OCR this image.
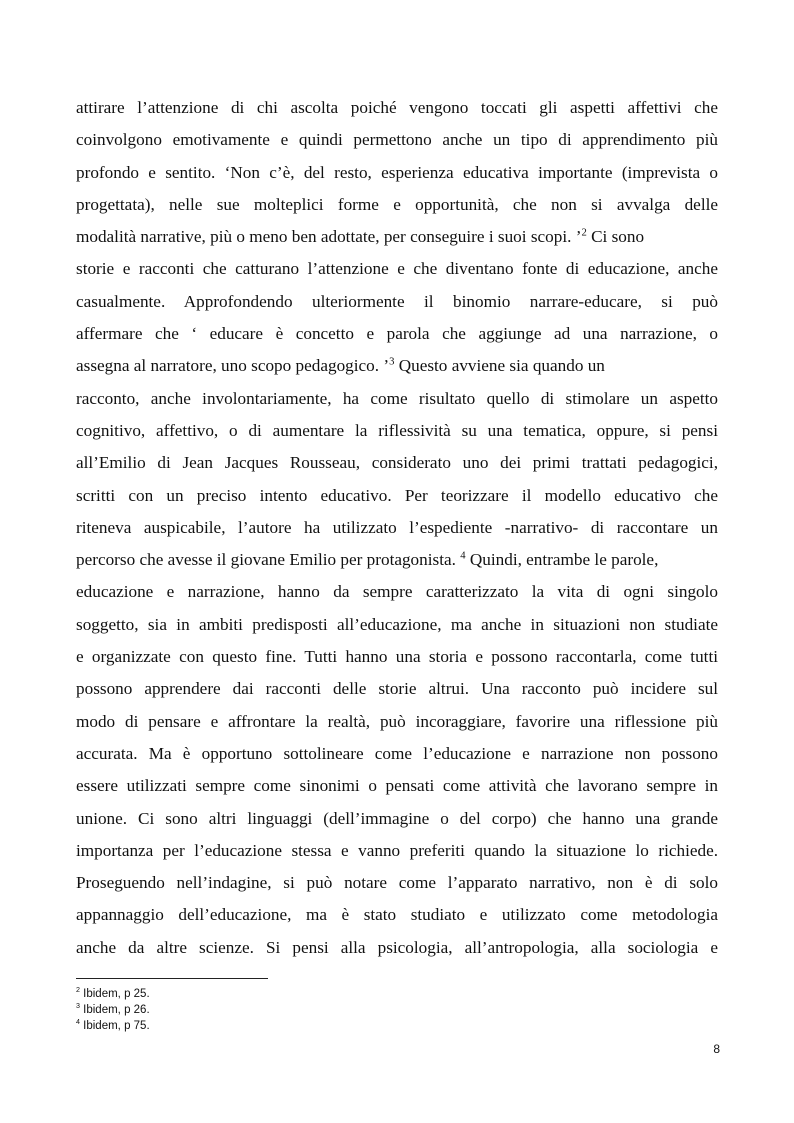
attirare l’attenzione di chi ascolta poiché vengono toccati gli aspetti affettivi che
coinvolgono emotivamente e quindi permettono anche un tipo di apprendimento più
profondo e sentito. ‘Non c’è, del resto, esperienza educativa importante (imprevista o
progettata), nelle sue molteplici forme e opportunità, che non si avvalga delle
modalità narrative, più o meno ben adottate, per conseguire i suoi scopi. ’$^2$ Ci sono
storie e racconti che catturano l’attenzione e che diventano fonte di educazione, anche
casualmente. Approfondendo ulteriormente il binomio narrare-educare, si può
affermare che ‘ educare è concetto e parola che aggiunge ad una narrazione, o
assegna al narratore, uno scopo pedagogico. ’$^3$ Questo avviene sia quando un
racconto, anche involontariamente, ha come risultato quello di stimolare un aspetto
cognitivo, affettivo, o di aumentare la riflessività su una tematica, oppure, si pensi
all’Emilio di Jean Jacques Rousseau, considerato uno dei primi trattati pedagogici,
scritti con un preciso intento educativo. Per teorizzare il modello educativo che
riteneva auspicabile, l’autore ha utilizzato l’espediente -narrativo- di raccontare un
percorso che avesse il giovane Emilio per protagonista. $^4$ Quindi, entrambe le parole,
educazione e narrazione, hanno da sempre caratterizzato la vita di ogni singolo
soggetto, sia in ambiti predisposti all’educazione, ma anche in situazioni non studiate
e organizzate con questo fine. Tutti hanno una storia e possono raccontarla, come tutti
possono apprendere dai racconti delle storie altrui. Una racconto può incidere sul
modo di pensare e affrontare la realtà, può incoraggiare, favorire una riflessione più
accurata. Ma è opportuno sottolineare come l’educazione e narrazione non possono
essere utilizzati sempre come sinonimi o pensati come attività che lavorano sempre in
unione. Ci sono altri linguaggi (dell’immagine o del corpo) che hanno una grande
importanza per l’educazione stessa e vanno preferiti quando la situazione lo richiede.
Proseguendo nell’indagine, si può notare come l’apparato narrativo, non è di solo
appannaggio dell’educazione, ma è stato studiato e utilizzato come metodologia
anche da altre scienze. Si pensi alla psicologia, all’antropologia, alla sociologia e
$^2$ Ibidem, p 25.
$^3$ Ibidem, p 26.
$^4$ Ibidem, p 75.
8
